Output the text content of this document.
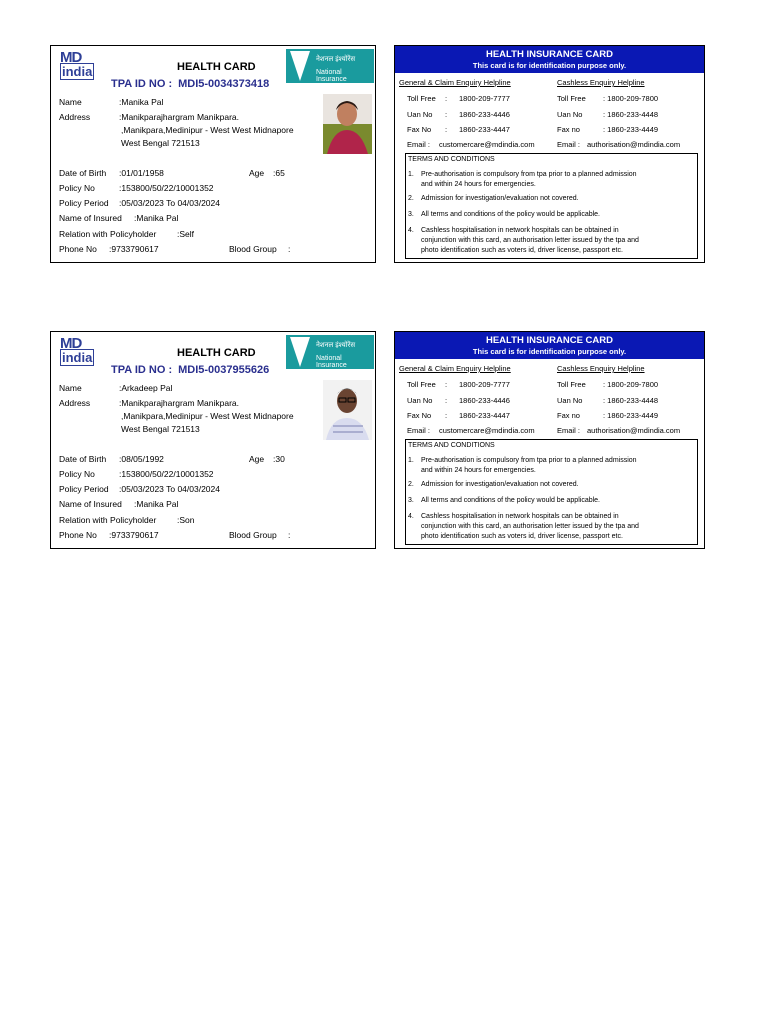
MD
india	HEALTH CARD
नेशनल इंश्योरेंस
National Insurance
TPA ID NO : MDI5-0034373418
Name	:Manika Pal
Address	:Manikparajhargram Manikpara.
,Manikpara,Medinipur - West West Midnapore
West Bengal 721513
Date of Birth :01/01/1958	Age :65
Policy No	:153800/50/22/10001352
Policy Period :05/03/2023 To 04/03/2024
Name of Insured :Manika Pal
Relation with Policyholder :Self
Phone No :9733790617	Blood Group :
HEALTH INSURANCE CARD
This card is for identification purpose only.
General & Claim Enquiry Helpline	Cashless Enquiry Helpline
Toll Free : 1800-209-7777	Toll Free : 1800-209-7800
Uan No : 1860-233-4446	Uan No	: 1860-233-4448
Fax No : 1860-233-4447	Fax no	: 1860-233-4449
Email : customercare@mdindia.com	Email : authorisation@mdindia.com
TERMS AND CONDITIONS
1. Pre-authorisation is compulsory from tpa prior to a planned admission
and within 24 hours for emergencies.
2. Admission for investigation/evaluation not covered.
3. All terms and conditions of the policy would be applicable.
4. Cashless hospitalisation in network hospitals can be obtained in
conjunction with this card, an authorisation letter issued by the tpa and
photo identification such as voters id, driver license, passport etc.
MD
india	HEALTH CARD
नेशनल इंश्योरेंस
National Insurance
TPA ID NO : MDI5-0037955626
Name	:Arkadeep Pal
Address	:Manikparajhargram Manikpara.
,Manikpara,Medinipur - West West Midnapore
West Bengal 721513
Date of Birth :08/05/1992	Age :30
Policy No	:153800/50/22/10001352
Policy Period :05/03/2023 To 04/03/2024
Name of Insured :Manika Pal
Relation with Policyholder :Son
Phone No :9733790617	Blood Group :
HEALTH INSURANCE CARD
This card is for identification purpose only.
General & Claim Enquiry Helpline	Cashless Enquiry Helpline
Toll Free : 1800-209-7777	Toll Free : 1800-209-7800
Uan No : 1860-233-4446	Uan No	: 1860-233-4448
Fax No : 1860-233-4447	Fax no	: 1860-233-4449
Email : customercare@mdindia.com	Email : authorisation@mdindia.com
TERMS AND CONDITIONS
1. Pre-authorisation is compulsory from tpa prior to a planned admission
and within 24 hours for emergencies.
2. Admission for investigation/evaluation not covered.
3. All terms and conditions of the policy would be applicable.
4. Cashless hospitalisation in network hospitals can be obtained in
conjunction with this card, an authorisation letter issued by the tpa and
photo identification such as voters id, driver license, passport etc.
